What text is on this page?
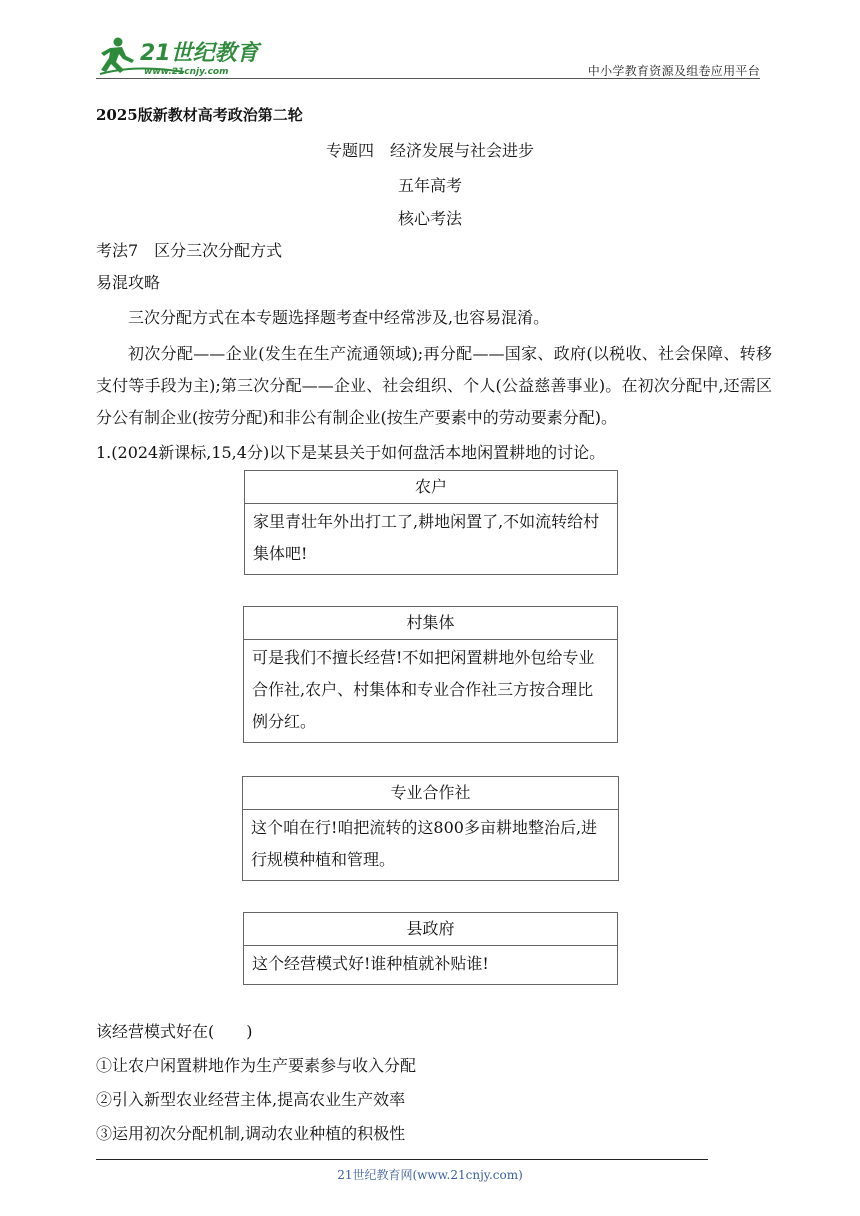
21世纪教育
www.21cnjy.com	中小学教育资源及组卷应用平台
2025版新教材高考政治第二轮
专题四　经济发展与社会进步
五年高考
核心考法
考法7　区分三次分配方式
易混攻略
三次分配方式在本专题选择题考查中经常涉及,也容易混淆。
初次分配——企业(发生在生产流通领域);再分配——国家、政府(以税收、社会保障、转移支付等手段为主);第三次分配——企业、社会组织、个人(公益慈善事业)。在初次分配中,还需区分公有制企业(按劳分配)和非公有制企业(按生产要素中的劳动要素分配)。
1.(2024新课标,15,4分)以下是某县关于如何盘活本地闲置耕地的讨论。
农户
家里青壮年外出打工了,耕地闲置了,不如流转给村集体吧!
村集体
可是我们不擅长经营!不如把闲置耕地外包给专业合作社,农户、村集体和专业合作社三方按合理比例分红。
专业合作社
这个咱在行!咱把流转的这800多亩耕地整治后,进行规模种植和管理。
县政府
这个经营模式好!谁种植就补贴谁!
该经营模式好在(　　)
①让农户闲置耕地作为生产要素参与收入分配
②引入新型农业经营主体,提高农业生产效率
③运用初次分配机制,调动农业种植的积极性
21世纪教育网(www.21cnjy.com)
